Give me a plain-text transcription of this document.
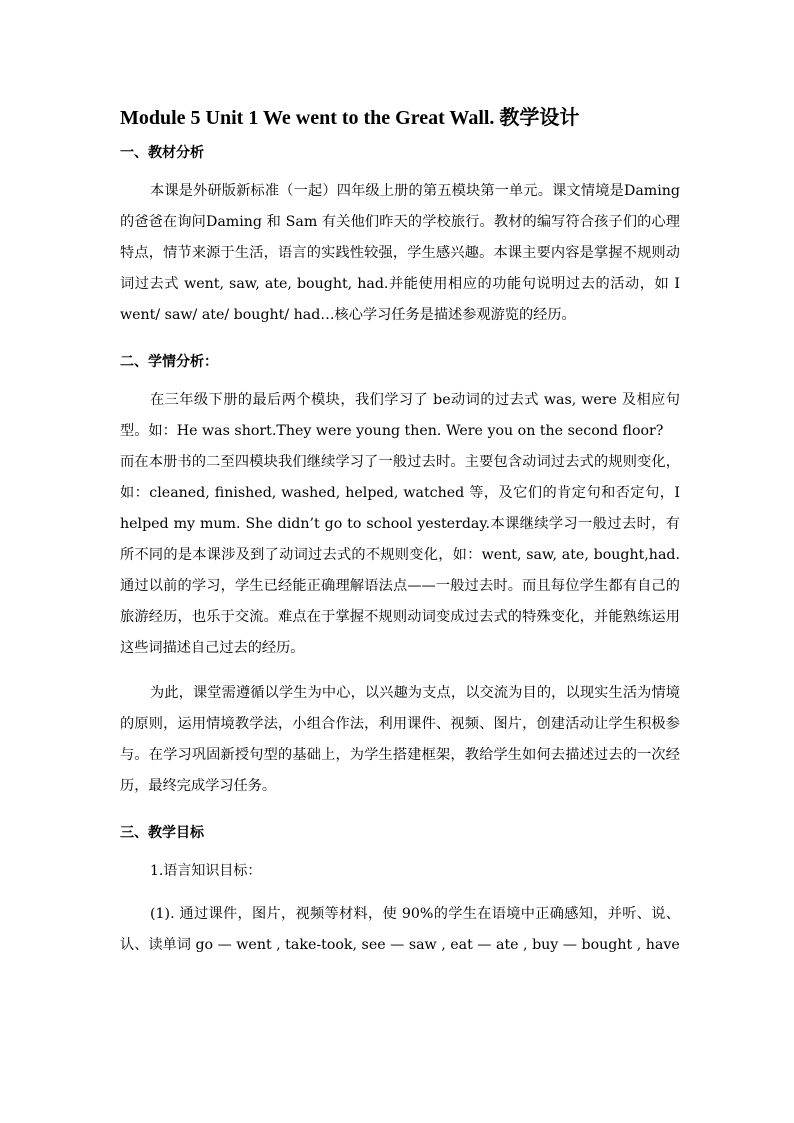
Module 5 Unit 1 We went to the Great Wall. 教学设计
一、教材分析

本课是外研版新标准（一起）四年级上册的第五模块第一单元。课文情境是Daming 的爸爸在询问Daming 和 Sam 有关他们昨天的学校旅行。教材的编写符合孩子们的心理特点，情节来源于生活，语言的实践性较强，学生感兴趣。本课主要内容是掌握不规则动词过去式 went, saw, ate, bought, had.并能使用相应的功能句说明过去的活动，如 I went/ saw/ ate/ bought/ had…核心学习任务是描述参观游览的经历。

二、学情分析：

在三年级下册的最后两个模块，我们学习了 be动词的过去式 was, were 及相应句型。如：He was short.They were young then. Were you on the second floor?

而在本册书的二至四模块我们继续学习了一般过去时。主要包含动词过去式的规则变化，如：cleaned, finished, washed, helped, watched 等，及它们的肯定句和否定句，I helped my mum. She didn’t go to school yesterday.本课继续学习一般过去时，有所不同的是本课涉及到了动词过去式的不规则变化，如：went, saw, ate, bought,had. 通过以前的学习，学生已经能正确理解语法点——一般过去时。而且每位学生都有自己的旅游经历，也乐于交流。难点在于掌握不规则动词变成过去式的特殊变化，并能熟练运用这些词描述自己过去的经历。

为此，课堂需遵循以学生为中心，以兴趣为支点，以交流为目的，以现实生活为情境的原则，运用情境教学法，小组合作法，利用课件、视频、图片，创建活动让学生积极参与。在学习巩固新授句型的基础上，为学生搭建框架，教给学生如何去描述过去的一次经历，最终完成学习任务。

三、教学目标

1.语言知识目标：

(1). 通过课件，图片，视频等材料，使 90%的学生在语境中正确感知，并听、说、认、读单词 go — went , take-took, see — saw , eat — ate , buy — bought , have
